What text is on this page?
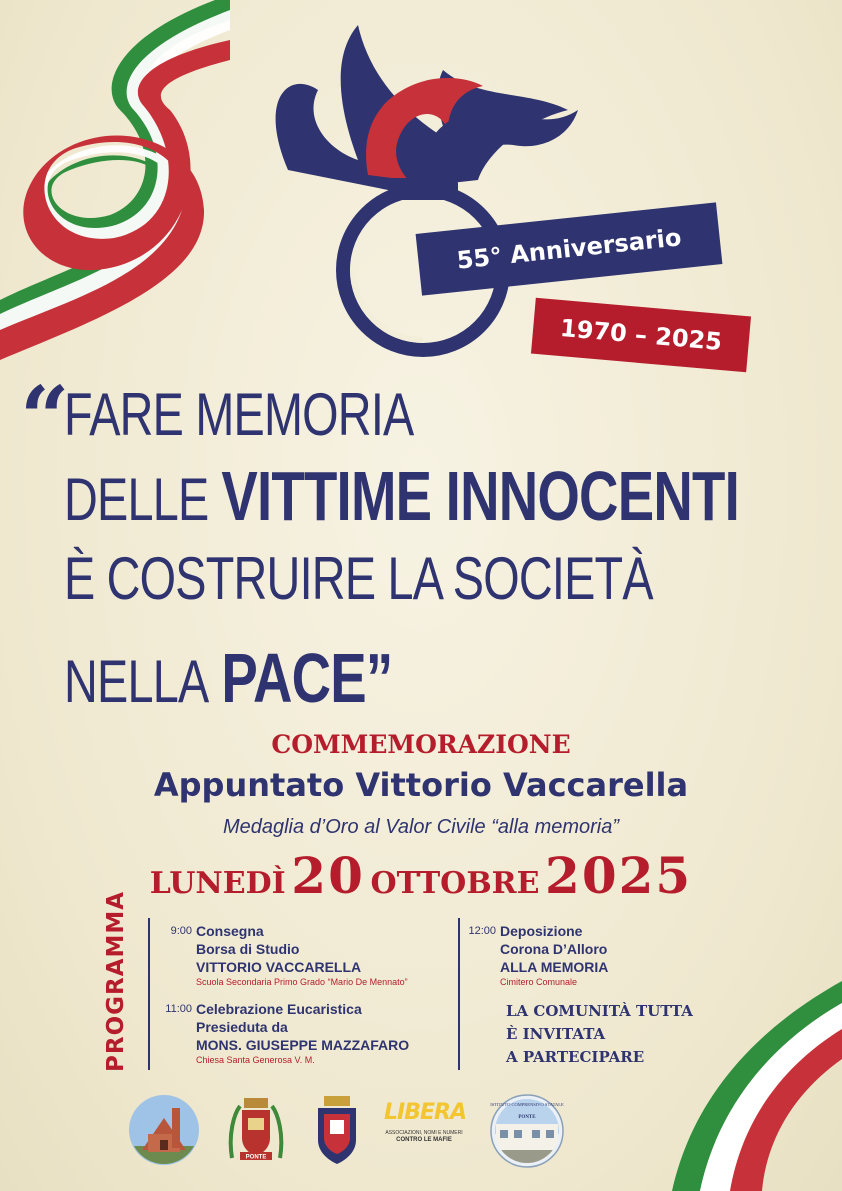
55° Anniversario
1970 – 2025
“
FARE MEMORIA
DELLE VITTIME INNOCENTI
È COSTRUIRE LA SOCIETÀ
NELLA PACE”
COMMEMORAZIONE
Appuntato Vittorio Vaccarella
Medaglia d’Oro al Valor Civile “alla memoria”
LUNEDÌ 20 OTTOBRE 2025
PROGRAMMA	9:00 Consegna
Borsa di Studio
VITTORIO VACCARELLA
Scuola Secondaria Primo Grado “Mario De Mennato”
11:00 Celebrazione Eucaristica
Presieduta da
MONS. GIUSEPPE MAZZAFARO
Chiesa Santa Generosa V. M.
12:00 Deposizione
Corona D’Alloro
ALLA MEMORIA
Cimitero Comunale
LA COMUNITÀ TUTTA
È INVITATA
A PARTECIPARE
PONTE
LIBERA
ASSOCIAZIONI, NOMI E NUMERI
CONTRO LE MAFIE
ISTITUTO COMPRENSIVO STATALE
PONTE
